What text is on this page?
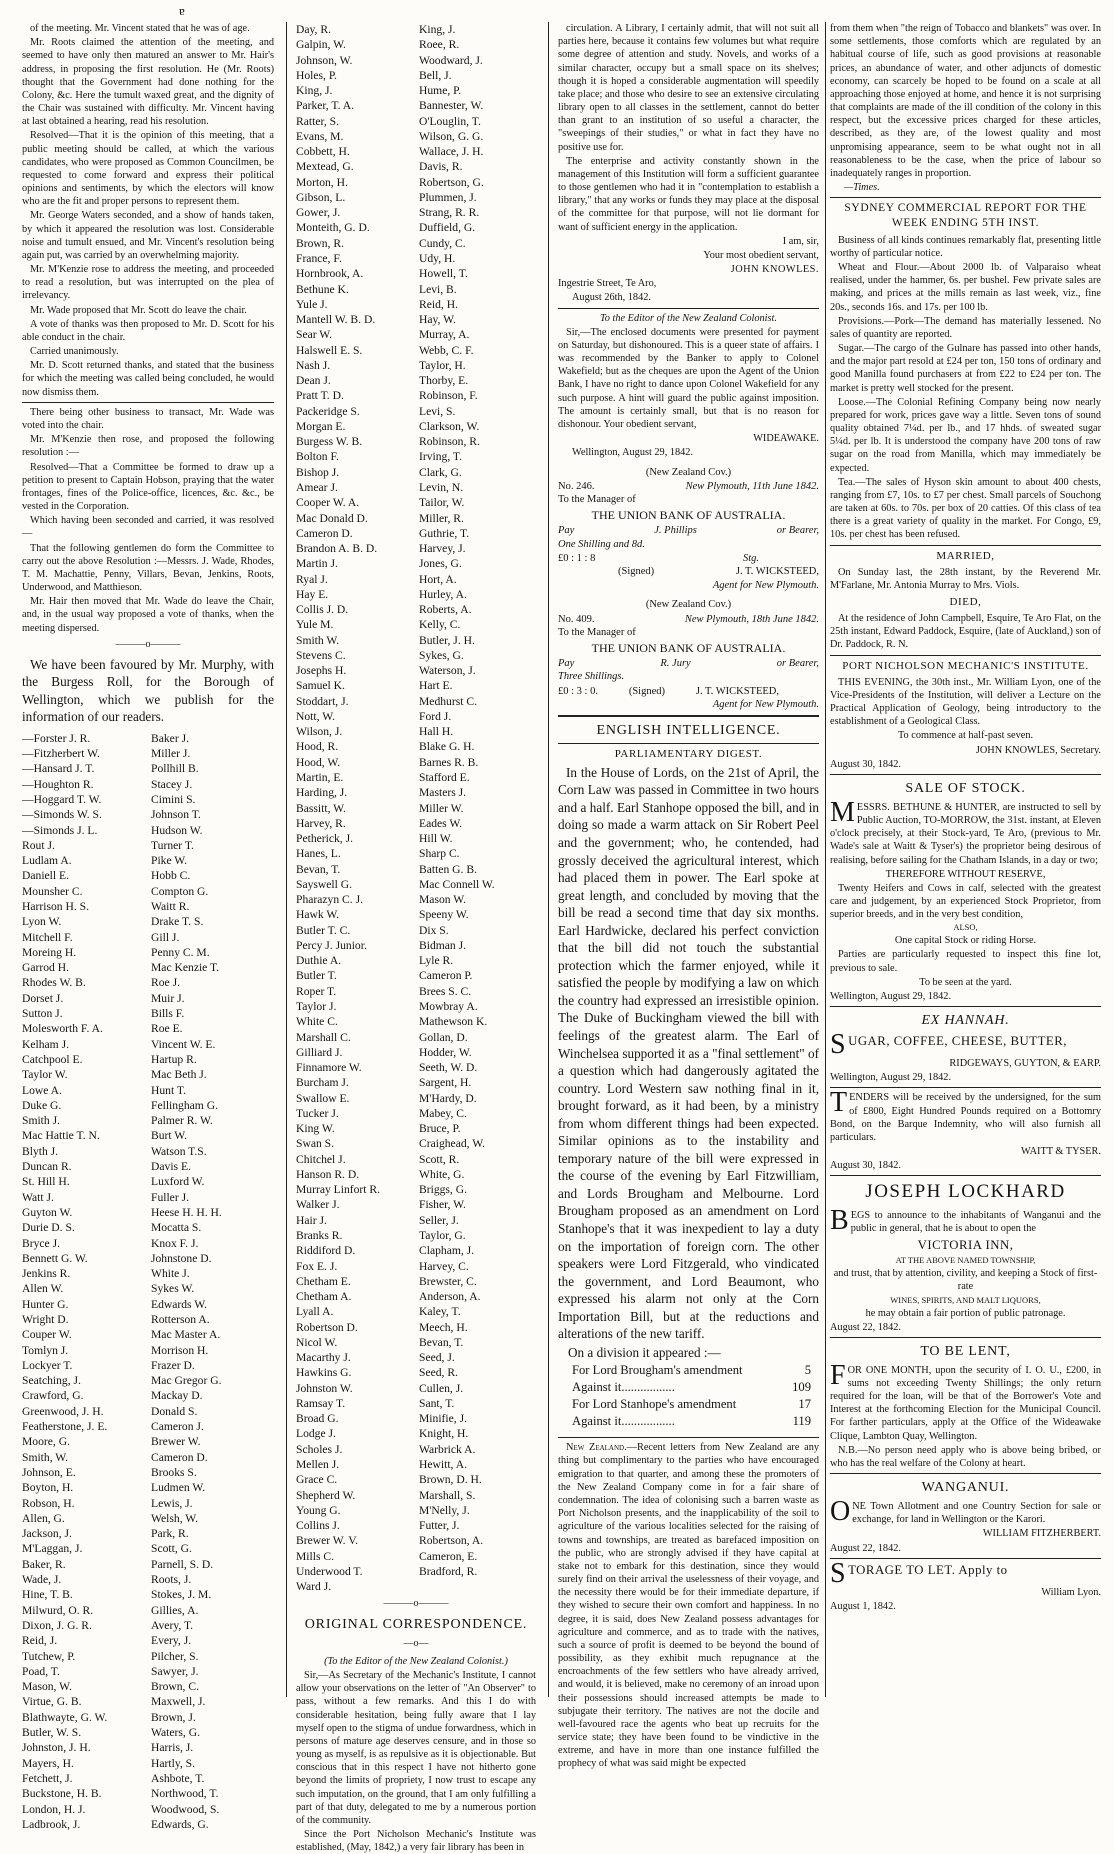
ɐ

of the meeting. Mr. Vincent stated that he was of age.

Mr. Roots claimed the attention of the meeting, and seemed to have only then matured an answer to Mr. Hair's address, in proposing the first resolution. He (Mr. Roots) thought that the Government had done nothing for the Colony, &c. Here the tumult waxed great, and the dignity of the Chair was sustained with difficulty. Mr. Vincent having at last obtained a hearing, read his resolution.

Resolved—That it is the opinion of this meeting, that a public meeting should be called, at which the various candidates, who were proposed as Common Councilmen, be requested to come forward and express their political opinions and sentiments, by which the electors will know who are the fit and proper persons to represent them.

Mr. George Waters seconded, and a show of hands taken, by which it appeared the resolution was lost. Considerable noise and tumult ensued, and Mr. Vincent's resolution being again put, was carried by an overwhelming majority.

Mr. M'Kenzie rose to address the meeting, and proceeded to read a resolution, but was interrupted on the plea of irrelevancy.

Mr. Wade proposed that Mr. Scott do leave the chair.

A vote of thanks was then proposed to Mr. D. Scott for his able conduct in the chair.

Carried unanimously.

Mr. D. Scott returned thanks, and stated that the business for which the meeting was called being concluded, he would now dismiss them.

There being other business to transact, Mr. Wade was voted into the chair.

Mr. M'Kenzie then rose, and proposed the following resolution :—

Resolved—That a Committee be formed to draw up a petition to present to Captain Hobson, praying that the water frontages, fines of the Police-office, licences, &c. &c., be vested in the Corporation.

Which having been seconded and carried, it was resolved—

That the following gentlemen do form the Committee to carry out the above Resolution :—Messrs. J. Wade, Rhodes, T. M. Machattie, Penny, Villars, Bevan, Jenkins, Roots, Underwood, and Matthieson.

Mr. Hair then moved that Mr. Wade do leave the Chair, and, in the usual way proposed a vote of thanks, when the meeting dispersed.

———o———

We have been favoured by Mr. Murphy, with the Burgess Roll, for the Borough of Wellington, which we publish for the information of our readers.

—Forster J. R.
—Fitzherbert W.
—Hansard J. T.
—Houghton R.
—Hoggard T. W.
—Simonds W. S.
—Simonds J. L.
Rout J.
Ludlam A.
Daniell E.
Mounsher C.
Harrison H. S.
Lyon W.
Mitchell F.
Moreing H.
Garrod H.
Rhodes W. B.
Dorset J.
Sutton J.
Molesworth F. A.
Kelham J.
Catchpool E.
Taylor W.
Lowe A.
Duke G.
Smith J.
Mac Hattie T. N.
Blyth J.
Duncan R.
St. Hill H.
Watt J.
Guyton W.
Durie D. S.
Bryce J.
Bennett G. W.
Jenkins R.
Allen W.
Hunter G.
Wright D.
Couper W.
Tomlyn J.
Lockyer T.
Seatching, J.
Crawford, G.
Greenwood, J. H.
Featherstone, J. E.
Moore, G.
Smith, W.
Johnson, E.
Boyton, H.
Robson, H.
Allen, G.
Jackson, J.
M'Laggan, J.
Baker, R.
Wade, J.
Hine, T. B.
Milwurd, O. R.
Dixon, J. G. R.
Reid, J.
Tutchew, P.
Poad, T.
Mason, W.
Virtue, G. B.
Blathwayte, G. W.
Butler, W. S.
Johnston, J. H.
Mayers, H.
Fetchett, J.
Buckstone, H. B.
London, H. J.
Ladbrook, J.
Baker J.
Miller J.
Pollhill B.
Stacey J.
Cimini S.
Johnson T.
Hudson W.
Turner T.
Pike W.
Hobb C.
Compton G.
Waitt R.
Drake T. S.
Gill J.
Penny C. M.
Mac Kenzie T.
Roe J.
Muir J.
Bills F.
Roe E.
Vincent W. E.
Hartup R.
Mac Beth J.
Hunt T.
Fellingham G.
Palmer R. W.
Burt W.
Watson T.S.
Davis E.
Luxford W.
Fuller J.
Heese H. H. H.
Mocatta S.
Knox F. J.
Johnstone D.
White J.
Sykes W.
Edwards W.
Rotterson A.
Mac Master A.
Morrison H.
Frazer D.
Mac Gregor G.
Mackay D.
Donald S.
Cameron J.
Brewer W.
Cameron D.
Brooks S.
Ludmen W.
Lewis, J.
Welsh, W.
Park, R.
Scott, G.
Parnell, S. D.
Roots, J.
Stokes, J. M.
Gillies, A.
Avery, T.
Every, J.
Pilcher, S.
Sawyer, J.
Brown, C.
Maxwell, J.
Brown, J.
Waters, G.
Harris, J.
Hartly, S.
Ashbote, T.
Northwood, T.
Woodwood, S.
Edwards, G.
Day, R.
Galpin, W.
Johnson, W.
Holes, P.
King, J.
Parker, T. A.
Ratter, S.
Evans, M.
Cobbett, H.
Mextead, G.
Morton, H.
Gibson, L.
Gower, J.
Monteith, G. D.
Brown, R.
France, F.
Hornbrook, A.
Bethune K.
Yule J.
Mantell W. B. D.
Sear W.
Halswell E. S.
Nash J.
Dean J.
Pratt T. D.
Packeridge S.
Morgan E.
Burgess W. B.
Bolton F.
Bishop J.
Amear J.
Cooper W. A.
Mac Donald D.
Cameron D.
Brandon A. B. D.
Martin J.
Ryal J.
Hay E.
Collis J. D.
Yule M.
Smith W.
Stevens C.
Josephs H.
Samuel K.
Stoddart, J.
Nott, W.
Wilson, J.
Hood, R.
Hood, W.
Martin, E.
Harding, J.
Bassitt, W.
Harvey, R.
Petherick, J.
Hanes, L.
Bevan, T.
Sayswell G.
Pharazyn C. J.
Hawk W.
Butler T. C.
Percy J. Junior.
Duthie A.
Butler T.
Roper T.
Taylor J.
White C.
Marshall C.
Gilliard J.
Finnamore W.
Burcham J.
Swallow E.
Tucker J.
King W.
Swan S.
Chitchel J.
Hanson R. D.
Murray Linfort R.
Walker J.
Hair J.
Branks R.
Riddiford D.
Fox E. J.
Chetham E.
Chetham A.
Lyall A.
Robertson D.
Nicol W.
Macarthy J.
Hawkins G.
Johnston W.
Ramsay T.
Broad G.
Lodge J.
Scholes J.
Mellen J.
Grace C.
Shepherd W.
Young G.
Collins J.
Brewer W. V.
Mills C.
Underwood T.
Ward J.
King, J.
Roee, R.
Woodward, J.
Bell, J.
Hume, P.
Bannester, W.
O'Louglin, T.
Wilson, G. G.
Wallace, J. H.
Davis, R.
Robertson, G.
Plummen, J.
Strang, R. R.
Duffield, G.
Cundy, C.
Udy, H.
Howell, T.
Levi, B.
Reid, H.
Hay, W.
Murray, A.
Webb, C. F.
Taylor, H.
Thorby, E.
Robinson, F.
Levi, S.
Clarkson, W.
Robinson, R.
Irving, T.
Clark, G.
Levin, N.
Tailor, W.
Miller, R.
Guthrie, T.
Harvey, J.
Jones, G.
Hort, A.
Hurley, A.
Roberts, A.
Kelly, C.
Butler, J. H.
Sykes, G.
Waterson, J.
Hart E.
Medhurst C.
Ford J.
Hall H.
Blake G. H.
Barnes R. B.
Stafford E.
Masters J.
Miller W.
Eades W.
Hill W.
Sharp C.
Batten G. B.
Mac Connell W.
Mason W.
Speeny W.
Dix S.
Bidman J.
Lyle R.
Cameron P.
Brees S. C.
Mowbray A.
Mathewson K.
Gollan, D.
Hodder, W.
Seeth, W. D.
Sargent, H.
M'Hardy, D.
Mabey, C.
Bruce, P.
Craighead, W.
Scott, R.
White, G.
Briggs, G.
Fisher, W.
Seller, J.
Taylor, G.
Clapham, J.
Harvey, C.
Brewster, C.
Anderson, A.
Kaley, T.
Meech, H.
Bevan, T.
Seed, J.
Seed, R.
Cullen, J.
Sant, T.
Minifie, J.
Knight, H.
Warbrick A.
Hewitt, A.
Brown, D. H.
Marshall, S.
M'Nelly, J.
Futter, J.
Robertson, A.
Cameron, E.
Bradford, R.
———o———
ORIGINAL CORRESPONDENCE.
—o—

(To the Editor of the New Zealand Colonist.)

Sir,—As Secretary of the Mechanic's Institute, I cannot allow your observations on the letter of "An Observer" to pass, without a few remarks. And this I do with considerable hesitation, being fully aware that I lay myself open to the stigma of undue forwardness, which in persons of mature age deserves censure, and in those so young as myself, is as repulsive as it is objectionable. But conscious that in this respect I have not hitherto gone beyond the limits of propriety, I now trust to escape any such imputation, on the ground, that I am only fulfilling a part of that duty, delegated to me by a numerous portion of the community.

Since the Port Nicholson Mechanic's Institute was established, (May, 1842,) a very fair library has been in

circulation. A Library, I certainly admit, that will not suit all parties here, because it contains few volumes but what require some degree of attention and study. Novels, and works of a similar character, occupy but a small space on its shelves; though it is hoped a considerable augmentation will speedily take place; and those who desire to see an extensive circulating library open to all classes in the settlement, cannot do better than grant to an institution of so useful a character, the "sweepings of their studies," or what in fact they have no positive use for.

The enterprise and activity constantly shown in the management of this Institution will form a sufficient guarantee to those gentlemen who had it in "contemplation to establish a library," that any works or funds they may place at the disposal of the committee for that purpose, will not lie dormant for want of sufficient energy in the application.

I am, sir,

Your most obedient servant,

JOHN KNOWLES.

Ingestrie Street, Te Aro,

August 26th, 1842.

To the Editor of the New Zealand Colonist.

Sir,—The enclosed documents were presented for payment on Saturday, but dishonoured. This is a queer state of affairs. I was recommended by the Banker to apply to Colonel Wakefield; but as the cheques are upon the Agent of the Union Bank, I have no right to dance upon Colonel Wakefield for any such purpose. A hint will guard the public against imposition. The amount is certainly small, but that is no reason for dishonour. Your obedient servant,

WIDEAWAKE.

Wellington, August 29, 1842.

(New Zealand Cov.)

No. 246.	New Plymouth, 11th June 1842.

To the Manager of

THE UNION BANK OF AUSTRALIA.

Pay	J. Phillips	or Bearer,

One Shilling and 8d.

£0 : 1 : 8	Stg.
(Signed)	J. T. WICKSTEED,

Agent for New Plymouth.

(New Zealand Cov.)

No. 409.	New Plymouth, 18th June 1842.

To the Manager of

THE UNION BANK OF AUSTRALIA.

Pay	R. Jury	or Bearer,

Three Shillings.

£0 : 3 : 0.	(Signed)	J. T. WICKSTEED,

Agent for New Plymouth.

ENGLISH INTELLIGENCE.
PARLIAMENTARY DIGEST.

In the House of Lords, on the 21st of April, the Corn Law was passed in Committee in two hours and a half. Earl Stanhope opposed the bill, and in doing so made a warm attack on Sir Robert Peel and the government; who, he contended, had grossly deceived the agricultural interest, which had placed them in power. The Earl spoke at great length, and concluded by moving that the bill be read a second time that day six months. Earl Hardwicke, declared his perfect conviction that the bill did not touch the substantial protection which the farmer enjoyed, while it satisfied the people by modifying a law on which the country had expressed an irresistible opinion. The Duke of Buckingham viewed the bill with feelings of the greatest alarm. The Earl of Winchelsea supported it as a "final settlement" of a question which had dangerously agitated the country. Lord Western saw nothing final in it, brought forward, as it had been, by a ministry from whom different things had been expected. Similar opinions as to the instability and temporary nature of the bill were expressed in the course of the evening by Earl Fitzwilliam, and Lords Brougham and Melbourne. Lord Brougham proposed as an amendment on Lord Stanhope's that it was inexpedient to lay a duty on the importation of foreign corn. The other speakers were Lord Fitzgerald, who vindicated the government, and Lord Beaumont, who expressed his alarm not only at the Corn Importation Bill, but at the reductions and alterations of the new tariff.

On a division it appeared :—

For Lord Brougham's amendment	5
Against it.................	109
For Lord Stanhope's amendment	17
Against it.................	119

New Zealand.—Recent letters from New Zealand are any thing but complimentary to the parties who have encouraged emigration to that quarter, and among these the promoters of the New Zealand Company come in for a fair share of condemnation. The idea of colonising such a barren waste as Port Nicholson presents, and the inapplicability of the soil to agriculture of the various localities selected for the raising of towns and townships, are treated as barefaced imposition on the public, who are strongly advised if they have capital at stake not to embark for this destination, since they would surely find on their arrival the uselessness of their voyage, and the necessity there would be for their immediate departure, if they wished to secure their own comfort and happiness. In no degree, it is said, does New Zealand possess advantages for agriculture and commerce, and as to trade with the natives, such a source of profit is deemed to be beyond the bound of possibility, as they exhibit much repugnance at the encroachments of the few settlers who have already arrived, and would, it is believed, make no ceremony of an inroad upon their possessions should increased attempts be made to subjugate their territory. The natives are not the docile and well-favoured race the agents who beat up recruits for the service state; they have been found to be vindictive in the extreme, and have in more than one instance fulfilled the prophecy of what was said might be expected

from them when "the reign of Tobacco and blankets" was over. In some settlements, those comforts which are regulated by an habitual course of life, such as good provisions at reasonable prices, an abundance of water, and other adjuncts of domestic economy, can scarcely be hoped to be found on a scale at all approaching those enjoyed at home, and hence it is not surprising that complaints are made of the ill condition of the colony in this respect, but the excessive prices charged for these articles, described, as they are, of the lowest quality and most unpromising appearance, seem to be what ought not in all reasonableness to be the case, when the price of labour so inadequately ranges in proportion.

—Times.

SYDNEY COMMERCIAL REPORT FOR THE WEEK ENDING 5TH INST.

Business of all kinds continues remarkably flat, presenting little worthy of particular notice.

Wheat and Flour.—About 2000 lb. of Valparaiso wheat realised, under the hammer, 6s. per bushel. Few private sales are making, and prices at the mills remain as last week, viz., fine 20s., seconds 16s. and 17s. per 100 lb.

Provisions.—Pork—The demand has materially lessened. No sales of quantity are reported.

Sugar.—The cargo of the Gulnare has passed into other hands, and the major part resold at £24 per ton, 150 tons of ordinary and good Manilla found purchasers at from £22 to £24 per ton. The market is pretty well stocked for the present.

Loose.—The Colonial Refining Company being now nearly prepared for work, prices gave way a little. Seven tons of sound quality obtained 7¼d. per lb., and 17 hhds. of sweated sugar 5¼d. per lb. It is understood the company have 200 tons of raw sugar on the road from Manilla, which may immediately be expected.

Tea.—The sales of Hyson skin amount to about 400 chests, ranging from £7, 10s. to £7 per chest. Small parcels of Souchong are taken at 60s. to 70s. per box of 20 catties. Of this class of tea there is a great variety of quality in the market. For Congo, £9, 10s. per chest has been refused.

MARRIED,

On Sunday last, the 28th instant, by the Reverend Mr. M'Farlane, Mr. Antonia Murray to Mrs. Viols.

DIED,

At the residence of John Campbell, Esquire, Te Aro Flat, on the 25th instant, Edward Paddock, Esquire, (late of Auckland,) son of Dr. Paddock, R. N.

PORT NICHOLSON MECHANIC'S INSTITUTE.

THIS EVENING, the 30th inst., Mr. William Lyon, one of the Vice-Presidents of the Institution, will deliver a Lecture on the Practical Application of Geology, being introductory to the establishment of a Geological Class.

To commence at half-past seven.

JOHN KNOWLES, Secretary.

August 30, 1842.

SALE OF STOCK.

MESSRS. BETHUNE & HUNTER, are instructed to sell by Public Auction, TO-MORROW, the 31st. instant, at Eleven o'clock precisely, at their Stock-yard, Te Aro, (previous to Mr. Wade's sale at Waitt & Tyser's) the proprietor being desirous of realising, before sailing for the Chatham Islands, in a day or two;

THEREFORE WITHOUT RESERVE,

Twenty Heifers and Cows in calf, selected with the greatest care and judgement, by an experienced Stock Proprietor, from superior breeds, and in the very best condition,

ALSO,

One capital Stock or riding Horse.

Parties are particularly requested to inspect this fine lot, previous to sale.

To be seen at the yard.

Wellington, August 29, 1842.

EX HANNAH.

SUGAR, COFFEE, CHEESE, BUTTER,

RIDGEWAYS, GUYTON, & EARP.

Wellington, August 29, 1842.

TENDERS will be received by the undersigned, for the sum of £800, Eight Hundred Pounds required on a Bottomry Bond, on the Barque Indemnity, who will also furnish all particulars.

WAITT & TYSER.

August 30, 1842.

JOSEPH LOCKHARD

BEGS to announce to the inhabitants of Wanganui and the public in general, that he is about to open the

VICTORIA INN,

AT THE ABOVE NAMED TOWNSHIP,

and trust, that by attention, civility, and keeping a Stock of first-rate

WINES, SPIRITS, AND MALT LIQUORS,

he may obtain a fair portion of public patronage.

August 22, 1842.

TO BE LENT,

FOR ONE MONTH, upon the security of I. O. U., £200, in sums not exceeding Twenty Shillings; the only return required for the loan, will be that of the Borrower's Vote and Interest at the forthcoming Election for the Municipal Council. For farther particulars, apply at the Office of the Wideawake Clique, Lambton Quay, Wellington.

N.B.—No person need apply who is above being bribed, or who has the real welfare of the Colony at heart.

WANGANUI.

ONE Town Allotment and one Country Section for sale or exchange, for land in Wellington or the Karori.

WILLIAM FITZHERBERT.

August 22, 1842.

STORAGE TO LET. Apply to

William Lyon.

August 1, 1842.
